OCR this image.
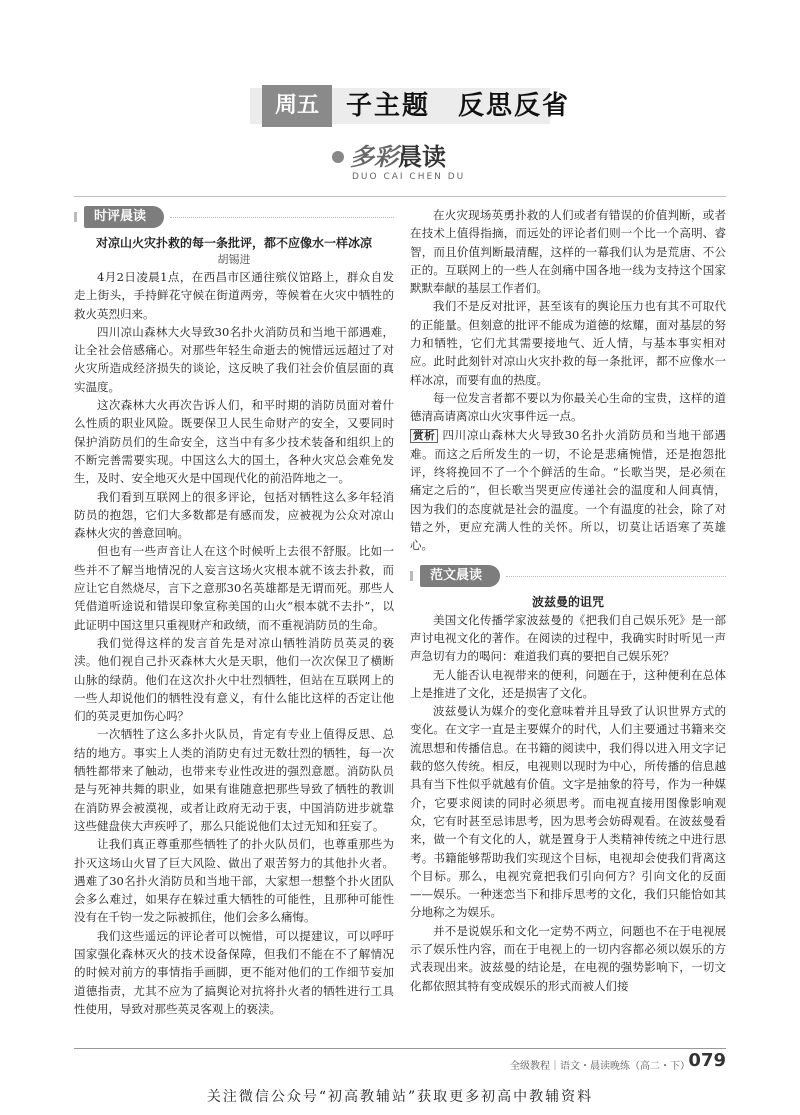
周五	子主题　反思反省
多彩晨读
DUO CAI CHEN DU
时评晨读
对凉山火灾扑救的每一条批评，都不应像水一样冰凉
胡锡进

4月2日凌晨1点，在西昌市区通往殡仪馆路上，群众自发走上街头，手持鲜花守候在街道两旁，等候着在火灾中牺牲的救火英烈归来。

四川凉山森林大火导致30名扑火消防员和当地干部遇难，让全社会倍感痛心。对那些年轻生命逝去的惋惜远远超过了对火灾所造成经济损失的谈论，这反映了我们社会价值层面的真实温度。

这次森林大火再次告诉人们，和平时期的消防员面对着什么性质的职业风险。既要保卫人民生命财产的安全，又要同时保护消防员们的生命安全，这当中有多少技术装备和组织上的不断完善需要实现。中国这么大的国土，各种火灾总会难免发生，及时、安全地灭火是中国现代化的前沿阵地之一。

我们看到互联网上的很多评论，包括对牺牲这么多年轻消防员的抱怨，它们大多数都是有感而发，应被视为公众对凉山森林火灾的善意回响。

但也有一些声音让人在这个时候听上去很不舒服。比如一些并不了解当地情况的人妄言这场火灾根本就不该去扑救，而应让它自然烧尽，言下之意那30名英雄都是无谓而死。那些人凭借道听途说和错误印象宣称美国的山火“根本就不去扑”，以此证明中国这里只重视财产和政绩，而不重视消防员的生命。

我们觉得这样的发言首先是对凉山牺牲消防员英灵的亵渎。他们视自己扑灭森林大火是天职，他们一次次保卫了横断山脉的绿荫。他们在这次扑火中壮烈牺牲，但站在互联网上的一些人却说他们的牺牲没有意义，有什么能比这样的否定让他们的英灵更加伤心吗？

一次牺牲了这么多扑火队员，肯定有专业上值得反思、总结的地方。事实上人类的消防史有过无数壮烈的牺牲，每一次牺牲都带来了触动，也带来专业性改进的强烈意愿。消防队员是与死神共舞的职业，如果有谁随意把那些导致了牺牲的教训在消防界会被漠视，或者让政府无动于衷，中国消防进步就靠这些健盘侠大声疾呼了，那么只能说他们太过无知和狂妄了。

让我们真正尊重那些牺牲了的扑火队员们，也尊重那些为扑灭这场山火冒了巨大风险、做出了艰苦努力的其他扑火者。遇难了30名扑火消防员和当地干部，大家想一想整个扑火团队会多么难过，如果存在躲过重大牺牲的可能性，且那种可能性没有在千钧一发之际被抓住，他们会多么痛悔。

我们这些遥远的评论者可以惋惜，可以提建议，可以呼吁国家强化森林灭火的技术设备保障，但我们不能在不了解情况的时候对前方的事情指手画脚，更不能对他们的工作细节妄加道德指责，尤其不应为了搞舆论对抗将扑火者的牺牲进行工具性使用，导致对那些英灵客观上的亵渎。

在火灾现场英勇扑救的人们或者有错误的价值判断，或者在技术上值得指摘，而远处的评论者们则一个比一个高明、睿智，而且价值判断最清醒，这样的一幕我们认为是荒唐、不公正的。互联网上的一些人在剑痛中国各地一线为支持这个国家默默奉献的基层工作者们。

我们不是反对批评，甚至该有的舆论压力也有其不可取代的正能量。但刻意的批评不能成为道德的炫耀，面对基层的努力和牺牲，它们尤其需要接地气、近人情，与基本事实相对应。此时此刻针对凉山火灾扑救的每一条批评，都不应像水一样冰凉，而要有血的热度。

每一位发言者都不要以为你最关心生命的宝贵，这样的道德清高请离凉山火灾事件远一点。

赏析 四川凉山森林大火导致30名扑火消防员和当地干部遇难。而这之后所发生的一切，不论是悲痛惋惜，还是抱怨批评，终将挽回不了一个个鲜活的生命。“长歌当哭，是必须在痛定之后的”，但长歌当哭更应传递社会的温度和人间真情，因为我们的态度就是社会的温度。一个有温度的社会，除了对错之外，更应充满人性的关怀。所以，切莫让话语寒了英雄心。

范文晨读
波兹曼的诅咒

美国文化传播学家波兹曼的《把我们自己娱乐死》是一部声讨电视文化的著作。在阅读的过程中，我确实时时听见一声声急切有力的喝问：难道我们真的要把自己娱乐死？

无人能否认电视带来的便利，问题在于，这种便利在总体上是推进了文化，还是损害了文化。

波兹曼认为媒介的变化意味着并且导致了认识世界方式的变化。在文字一直是主要媒介的时代，人们主要通过书籍来交流思想和传播信息。在书籍的阅读中，我们得以进入用文字记载的悠久传统。相反，电视则以现时为中心，所传播的信息越具有当下性似乎就越有价值。文字是抽象的符号，作为一种媒介，它要求阅读的同时必须思考。而电视直接用图像影响观众，它有时甚至忌讳思考，因为思考会妨碍观看。在波兹曼看来，做一个有文化的人，就是置身于人类精神传统之中进行思考。书籍能够帮助我们实现这个目标，电视却会使我们背离这个目标。那么，电视究竟把我们引向何方？引向文化的反面——娱乐。一种迷恋当下和排斥思考的文化，我们只能恰如其分地称之为娱乐。

并不是说娱乐和文化一定势不两立，问题也不在于电视展示了娱乐性内容，而在于电视上的一切内容都必须以娱乐的方式表现出来。波兹曼的结论是，在电视的强势影响下，一切文化都依照其特有变成娱乐的形式而被人们接

全级教程｜语文・晨读晚练（高二・下）
079
关注微信公众号“初高教辅站”获取更多初高中教辅资料
